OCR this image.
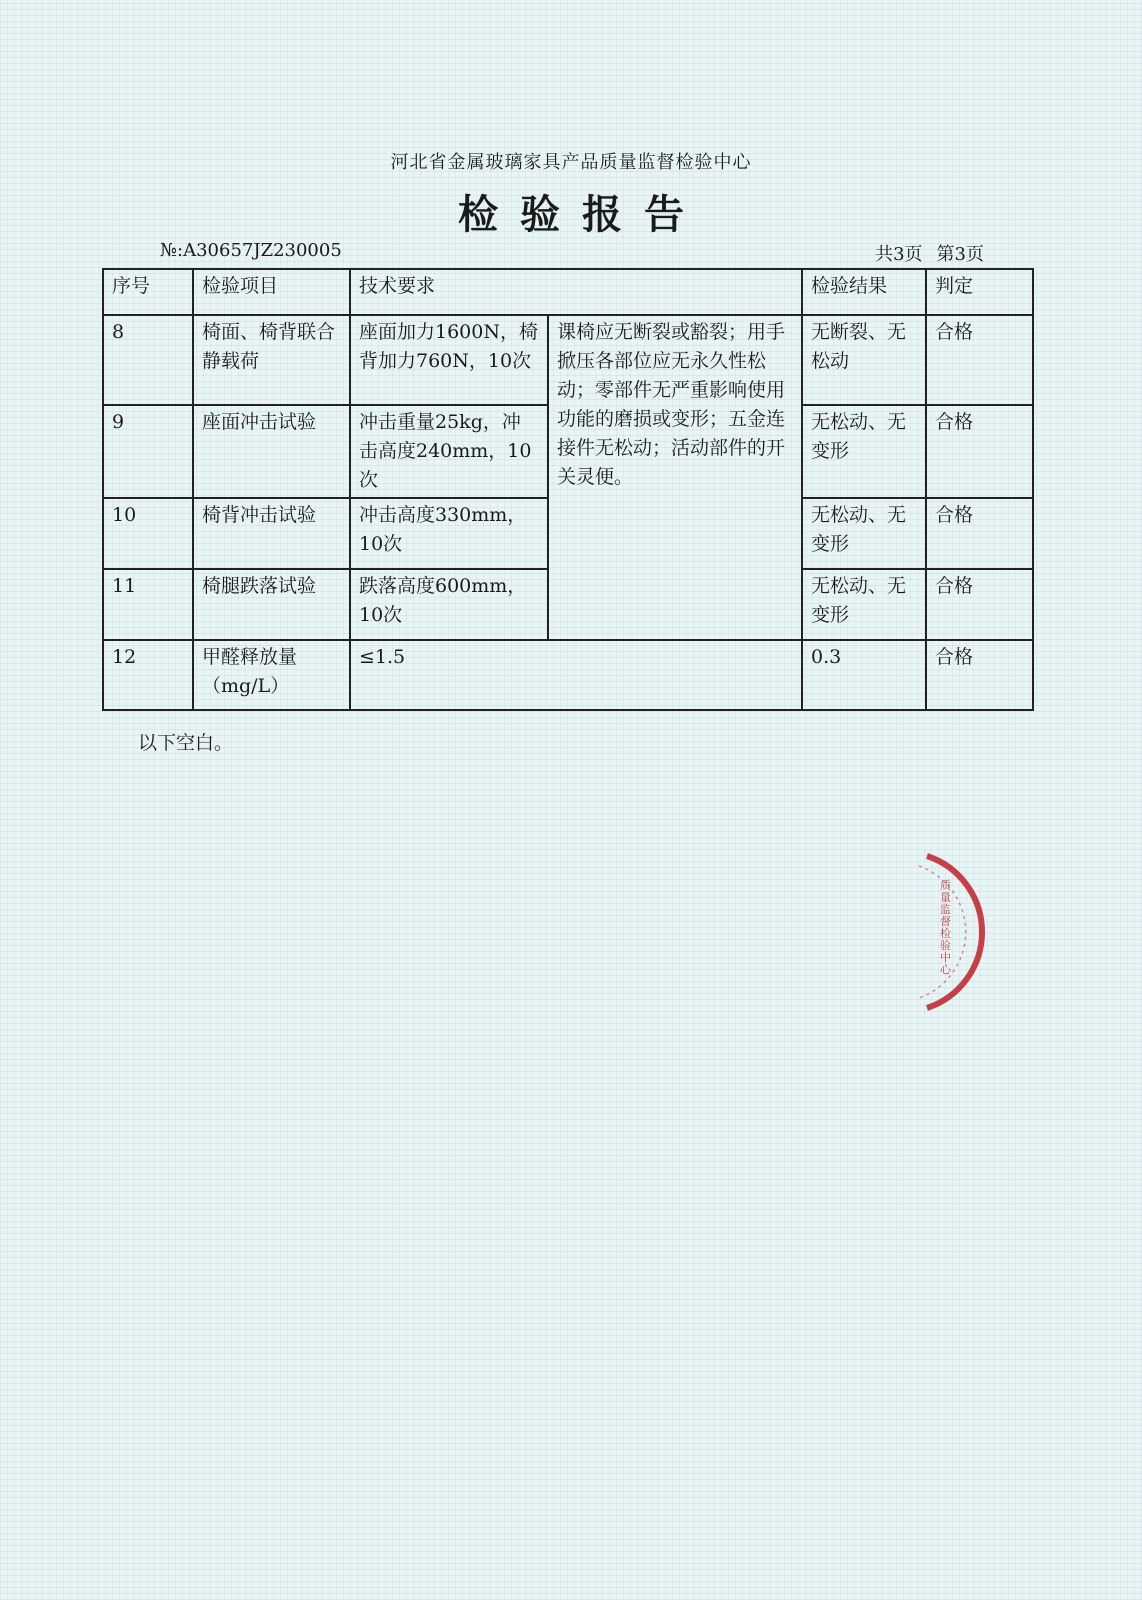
河北省金属玻璃家具产品质量监督检验中心
检验报告
№:A30657JZ230005	共3页 第3页
序号	检验项目	技术要求		检验结果	判定
8	椅面、椅背联合静载荷	座面加力1600N，椅背加力760N，10次	课椅应无断裂或豁裂；用手掀压各部位应无永久性松动；零部件无严重影响使用功能的磨损或变形；五金连接件无松动；活动部件的开关灵便。	无断裂、无松动	合格
9	座面冲击试验	冲击重量25kg，冲击高度240mm，10次		无松动、无变形	合格
10	椅背冲击试验	冲击高度330mm，10次		无松动、无变形	合格
11	椅腿跌落试验	跌落高度600mm，10次		无松动、无变形	合格
12	甲醛释放量（mg/L）	≤1.5		0.3	合格
以下空白。
质量监督检验中心
